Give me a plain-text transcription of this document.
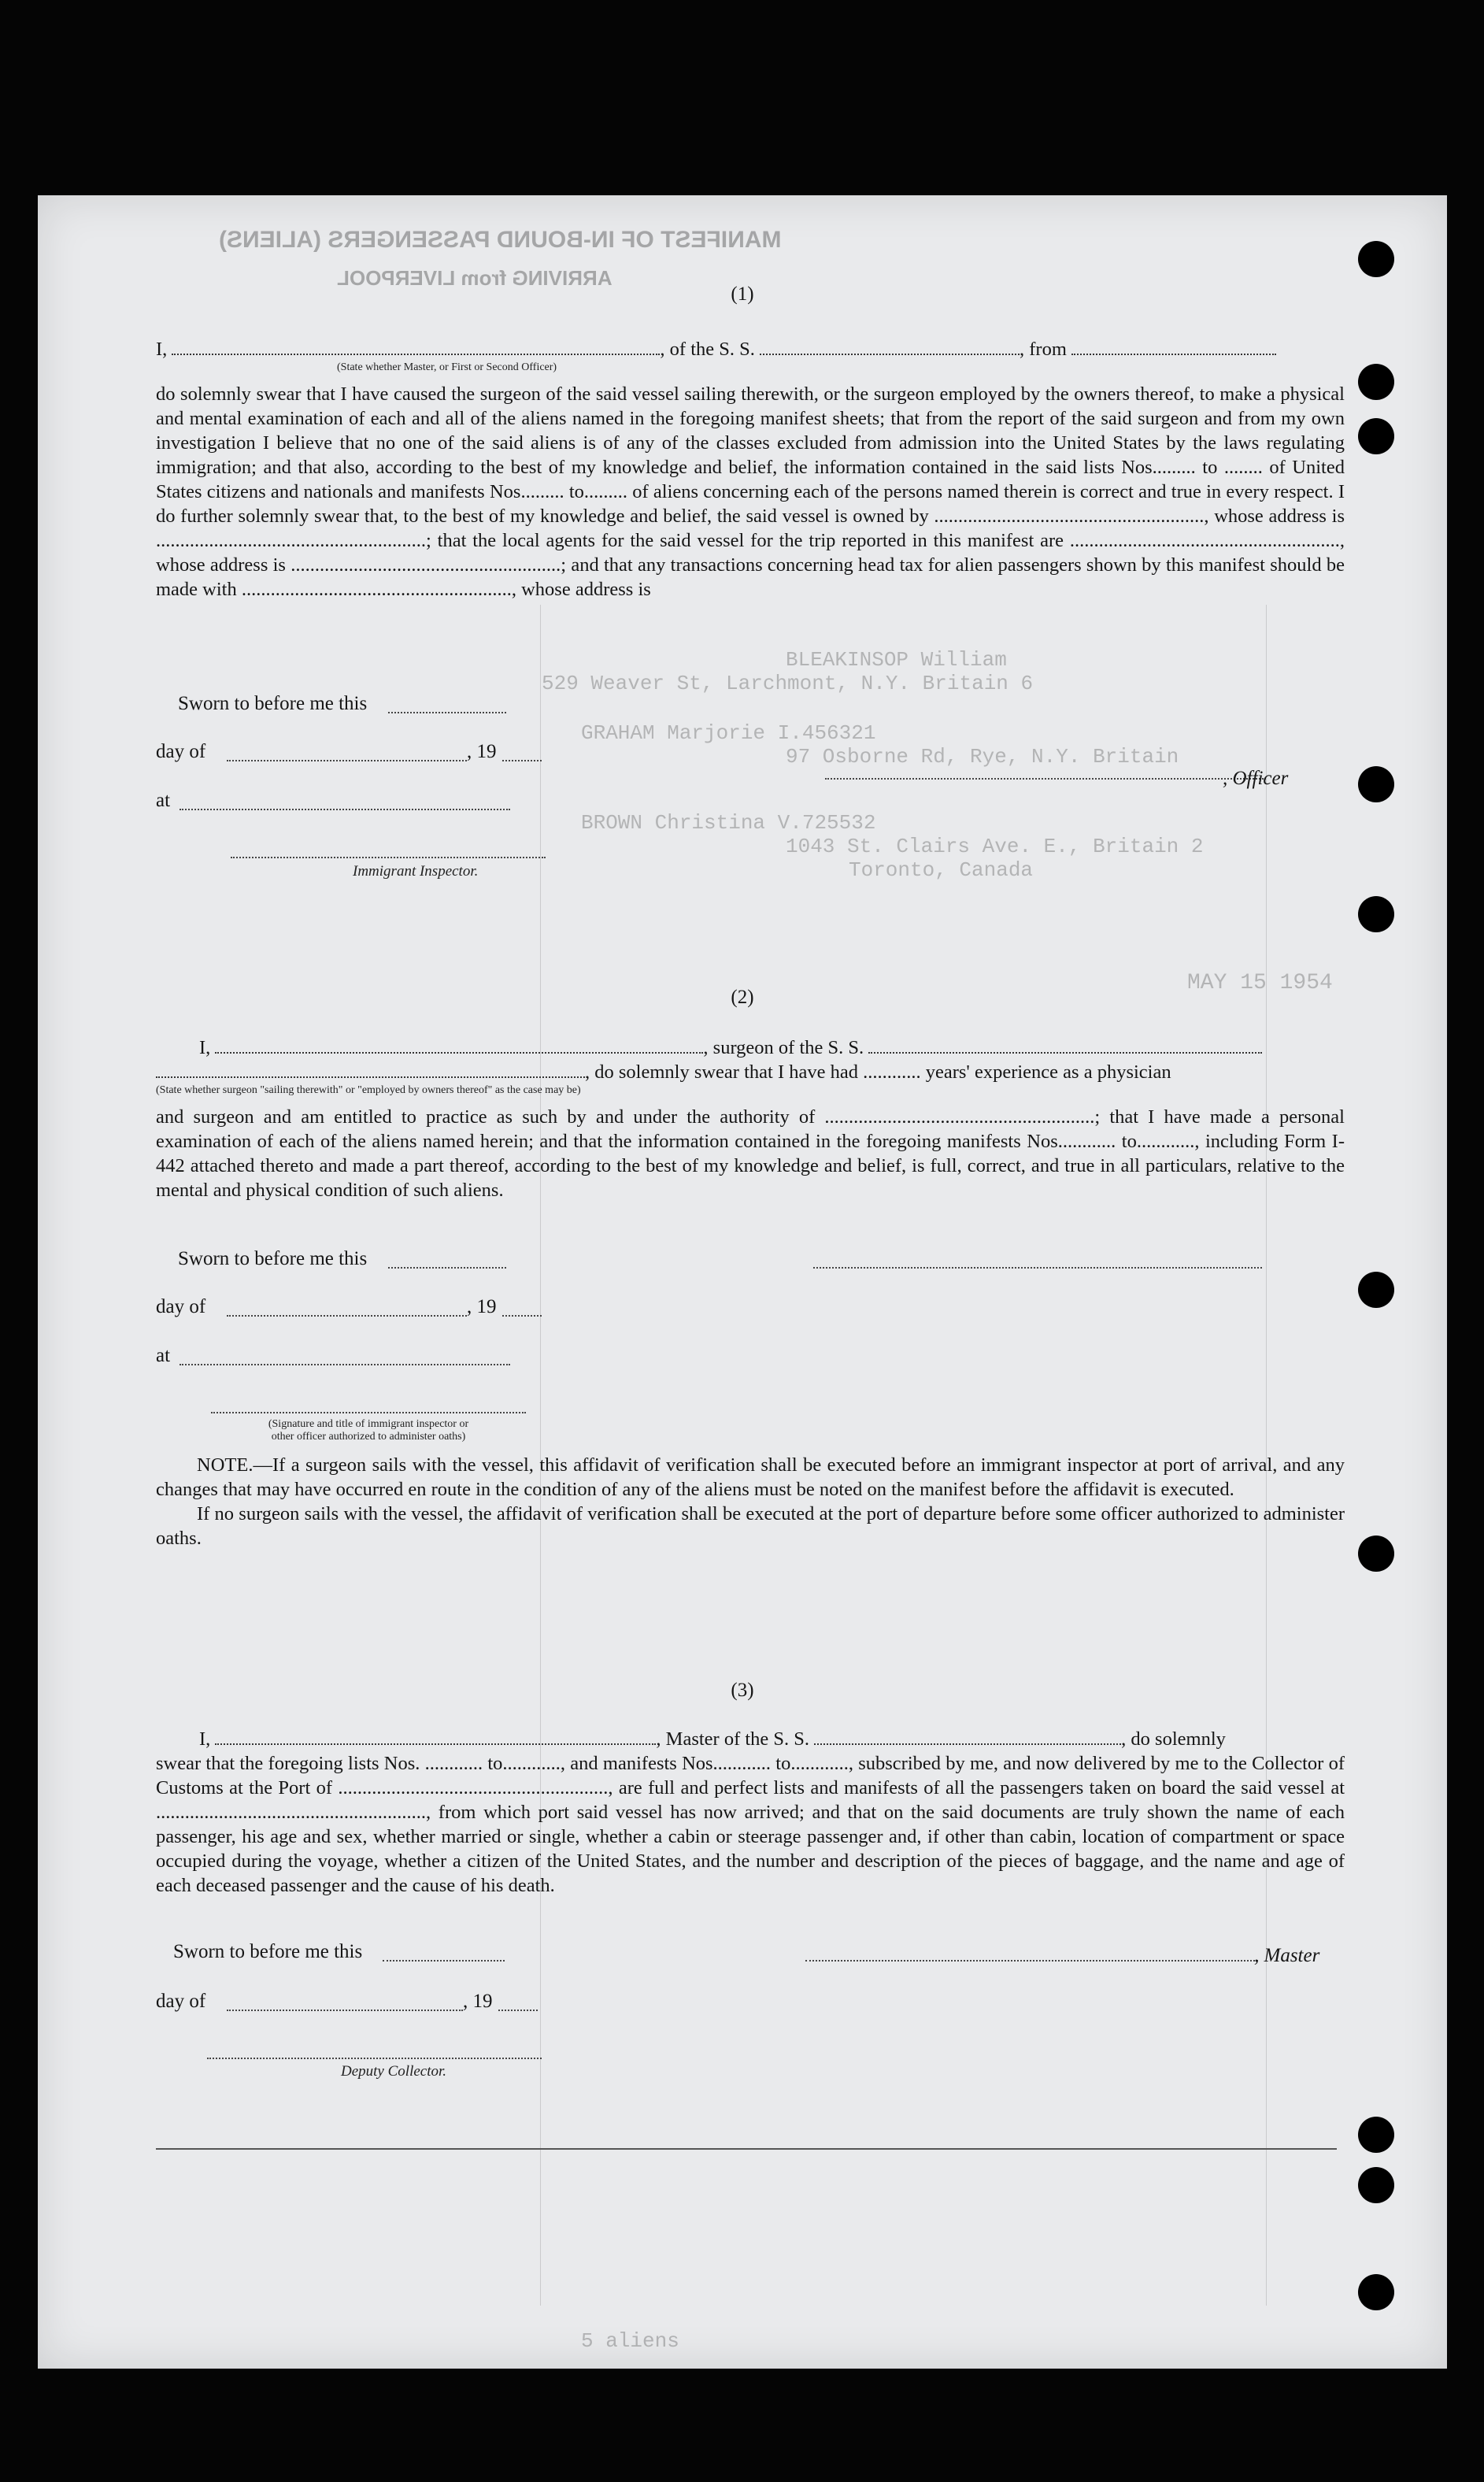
MANIFEST OF IN-BOUND PASSENGERS (ALIENS)
ARRIVING from LIVERPOOL
BLEAKINSOP William
529 Weaver St, Larchmont, N.Y. Britain 6
GRAHAM Marjorie I.456321
97 Osborne Rd, Rye, N.Y. Britain
BROWN Christina V.725532
1043 St. Clairs Ave. E., Britain 2
Toronto, Canada
MAY 15 1954
5 aliens
(1)
I,	, of the S. S.	, from
(State whether Master, or First or Second Officer)

do solemnly swear that I have caused the surgeon of the said vessel sailing therewith, or the surgeon employed by the owners thereof, to make a physical and mental examination of each and all of the aliens named in the foregoing manifest sheets; that from the report of the said surgeon and from my own investigation I believe that no one of the said aliens is of any of the classes excluded from admission into the United States by the laws regulating immigration; and that also, according to the best of my knowledge and belief, the information contained in the said lists Nos......... to ........ of United States citizens and nationals and manifests Nos......... to......... of aliens concerning each of the persons named therein is correct and true in every respect. I do further solemnly swear that, to the best of my knowledge and belief, the said vessel is owned by ........................................................, whose address is ........................................................; that the local agents for the said vessel for the trip reported in this manifest are ........................................................, whose address is ........................................................; and that any transactions concerning head tax for alien passengers shown by this manifest should be made with ........................................................, whose address is

Sworn to before me this
day of	, 19
at
Immigrant Inspector.
, Officer
(2)
I,	, surgeon of the S. S.
, do solemnly swear that I have had ............ years' experience as a physician
(State whether surgeon "sailing therewith" or "employed by owners thereof" as the case may be)

and surgeon and am entitled to practice as such by and under the authority of ........................................................; that I have made a personal examination of each of the aliens named herein; and that the information contained in the foregoing manifests Nos............ to............, including Form I-442 attached thereto and made a part thereof, according to the best of my knowledge and belief, is full, correct, and true in all particulars, relative to the mental and physical condition of such aliens.

Sworn to before me this
day of	, 19
at
(Signature and title of immigrant inspector or
other officer authorized to administer oaths)

NOTE.—If a surgeon sails with the vessel, this affidavit of verification shall be executed before an immigrant inspector at port of arrival, and any changes that may have occurred en route in the condition of any of the aliens must be noted on the manifest before the affidavit is executed.

If no surgeon sails with the vessel, the affidavit of verification shall be executed at the port of departure before some officer authorized to administer oaths.

(3)
I,	, Master of the S. S.	, do solemnly

swear that the foregoing lists Nos. ............ to............, and manifests Nos............ to............, subscribed by me, and now delivered by me to the Collector of Customs at the Port of ........................................................, are full and perfect lists and manifests of all the passengers taken on board the said vessel at ........................................................, from which port said vessel has now arrived; and that on the said documents are truly shown the name of each passenger, his age and sex, whether married or single, whether a cabin or steerage passenger and, if other than cabin, location of compartment or space occupied during the voyage, whether a citizen of the United States, and the number and description of the pieces of baggage, and the name and age of each deceased passenger and the cause of his death.

Sworn to before me this	, Master
day of	, 19
Deputy Collector.
